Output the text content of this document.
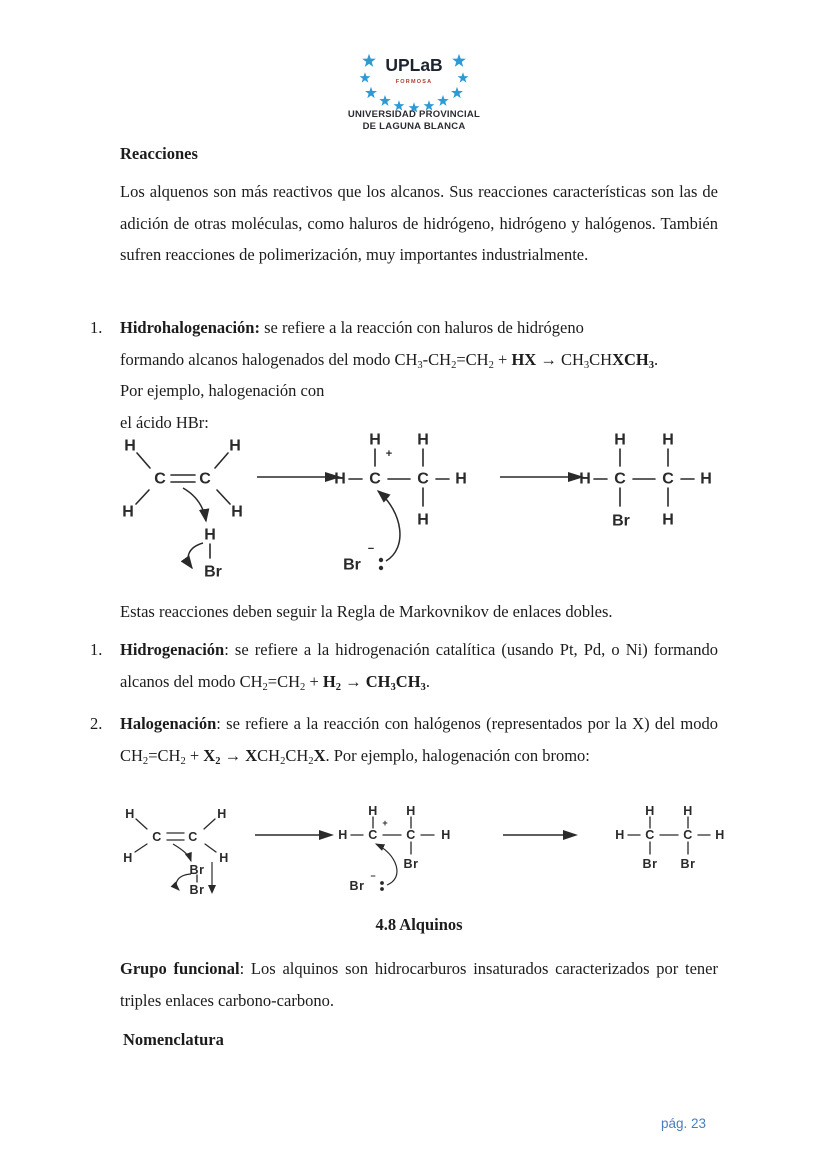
UPLaB
FORMOSA
UNIVERSIDAD PROVINCIAL
DE LAGUNA BLANCA
Reacciones
Los alquenos son más reactivos que los alcanos. Sus reacciones características son las de adición de otras moléculas, como haluros de hidrógeno, hidrógeno y halógenos. También sufren reacciones de polimerización, muy importantes industrialmente.
1. Hidrohalogenación: se refiere a la reacción con haluros de hidrógeno
formando alcanos halogenados del modo $CH_3-CH_2=CH_2$ + HX → $CH_3CHXCH_3$.
Por ejemplo, halogenación con
el ácido HBr:
H	H
C C
H	H
H
Br
H H
+
H C C H
H
Br
−
H H
H C C H
Br H
Estas reacciones deben seguir la Regla de Markovnikov de enlaces dobles.
1. Hidrogenación: se refiere a la hidrogenación catalítica (usando Pt, Pd, o Ni) formando alcanos del modo $CH_2=CH_2 + H_2 \to CH_3CH_3$.
2. Halogenación: se refiere a la reacción con halógenos (representados por la X) del modo $CH_2=CH_2 + X_2 \to XCH_2CH_2X$. Por ejemplo, halogenación con bromo:
H	H
C C
H	H
Br
Br
H H
+
H C C H
Br
Br
−
H H
H C C H
Br Br
4.8 Alquinos
Grupo funcional: Los alquinos son hidrocarburos insaturados caracterizados por tener triples enlaces carbono-carbono.
Nomenclatura
pág. 23
